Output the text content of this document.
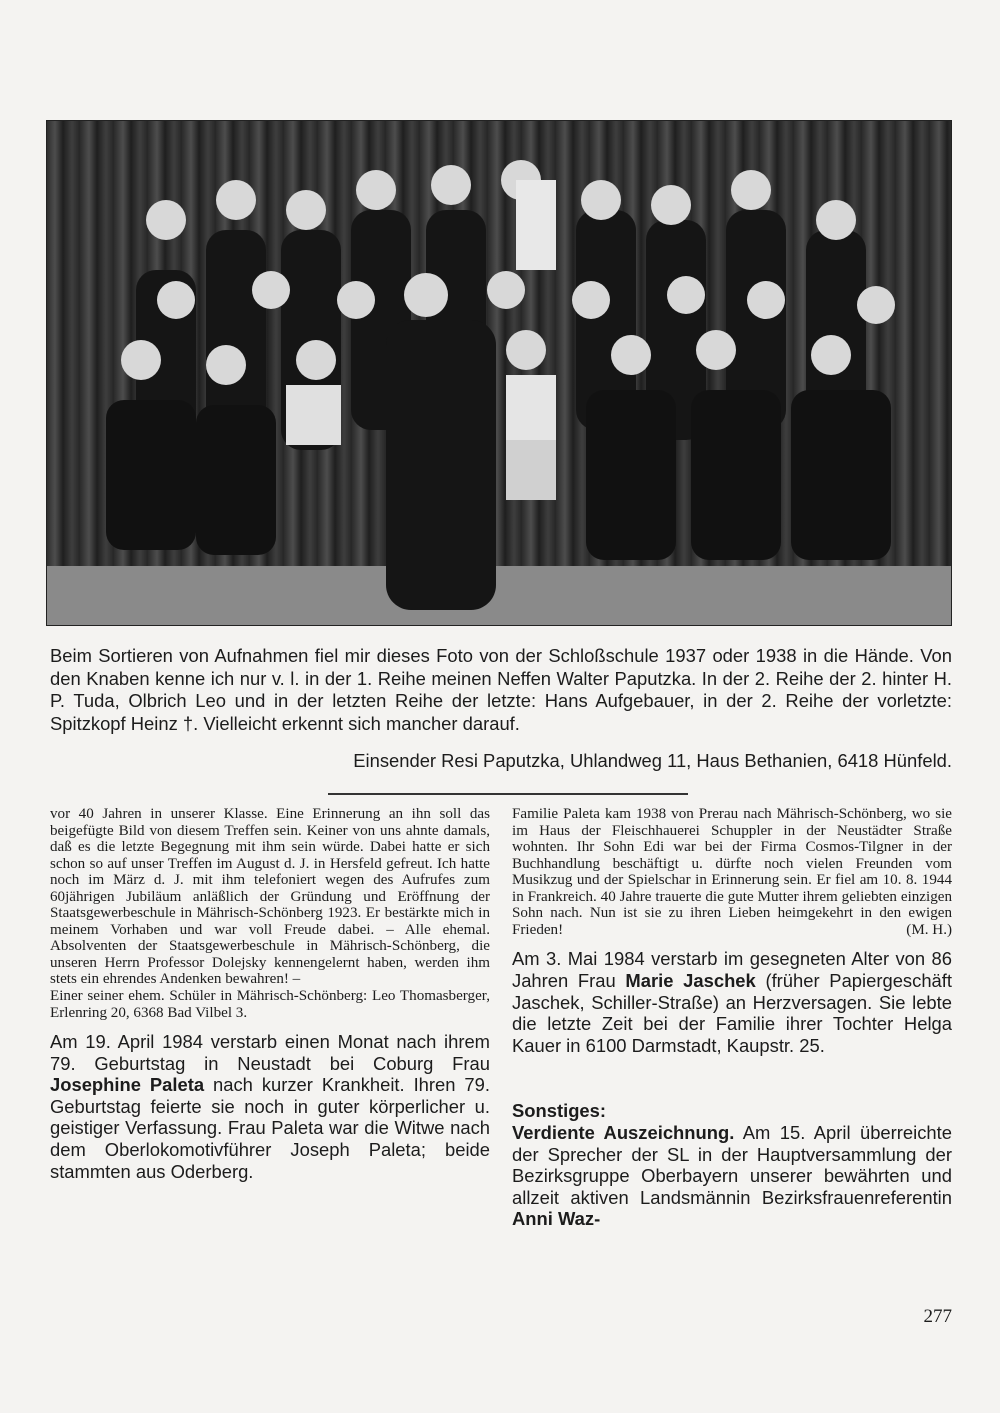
Beim Sortieren von Aufnahmen fiel mir dieses Foto von der Schloßschule 1937 oder 1938 in die Hände. Von den Knaben kenne ich nur v. l. in der 1. Reihe meinen Neffen Walter Paputzka. In der 2. Reihe der 2. hinter H. P. Tuda, Olbrich Leo und in der letzten Reihe der letzte: Hans Aufgebauer, in der 2. Reihe der vorletzte: Spitzkopf Heinz †. Vielleicht erkennt sich mancher darauf.
Einsender Resi Paputzka, Uhlandweg 11, Haus Bethanien, 6418 Hünfeld.

vor 40 Jahren in unserer Klasse. Eine Erinnerung an ihn soll das beigefügte Bild von diesem Treffen sein. Keiner von uns ahnte damals, daß es die letzte Begegnung mit ihm sein würde. Dabei hatte er sich schon so auf unser Treffen im August d. J. in Hersfeld gefreut. Ich hatte noch im März d. J. mit ihm telefoniert wegen des Aufrufes zum 60jährigen Jubiläum anläßlich der Gründung und Eröffnung der Staatsgewerbeschule in Mährisch-Schönberg 1923. Er bestärkte mich in meinem Vorhaben und war voll Freude dabei. – Alle ehemal. Absolventen der Staatsgewerbeschule in Mährisch-Schönberg, die unseren Herrn Professor Dolejsky kennengelernt haben, werden ihm stets ein ehrendes Andenken bewahren! –

Einer seiner ehem. Schüler in Mährisch-Schönberg: Leo Thomasberger, Erlenring 20, 6368 Bad Vilbel 3.

Am 19. April 1984 verstarb einen Monat nach ihrem 79. Geburtstag in Neustadt bei Coburg Frau Josephine Paleta nach kurzer Krankheit. Ihren 79. Geburtstag feierte sie noch in guter körperlicher u. geistiger Verfassung. Frau Paleta war die Witwe nach dem Oberlokomotivführer Joseph Paleta; beide stammten aus Oderberg.

Familie Paleta kam 1938 von Prerau nach Mährisch-Schönberg, wo sie im Haus der Fleischhauerei Schuppler in der Neustädter Straße wohnten. Ihr Sohn Edi war bei der Firma Cosmos-Tilgner in der Buchhandlung beschäftigt u. dürfte noch vielen Freunden vom Musikzug und der Spielschar in Erinnerung sein. Er fiel am 10. 8. 1944 in Frankreich. 40 Jahre trauerte die gute Mutter ihrem geliebten einzigen Sohn nach. Nun ist sie zu ihren Lieben heimgekehrt in den ewigen Frieden!	(M. H.)

Am 3. Mai 1984 verstarb im gesegneten Alter von 86 Jahren Frau Marie Jaschek (früher Papiergeschäft Jaschek, Schiller-Straße) an Herzversagen. Sie lebte die letzte Zeit bei der Familie ihrer Tochter Helga Kauer in 6100 Darmstadt, Kaupstr. 25.

Sonstiges:

Verdiente Auszeichnung. Am 15. April überreichte der Sprecher der SL in der Hauptversammlung der Bezirksgruppe Oberbayern unserer bewährten und allzeit aktiven Landsmännin Bezirksfrauenreferentin Anni Waz-

277
